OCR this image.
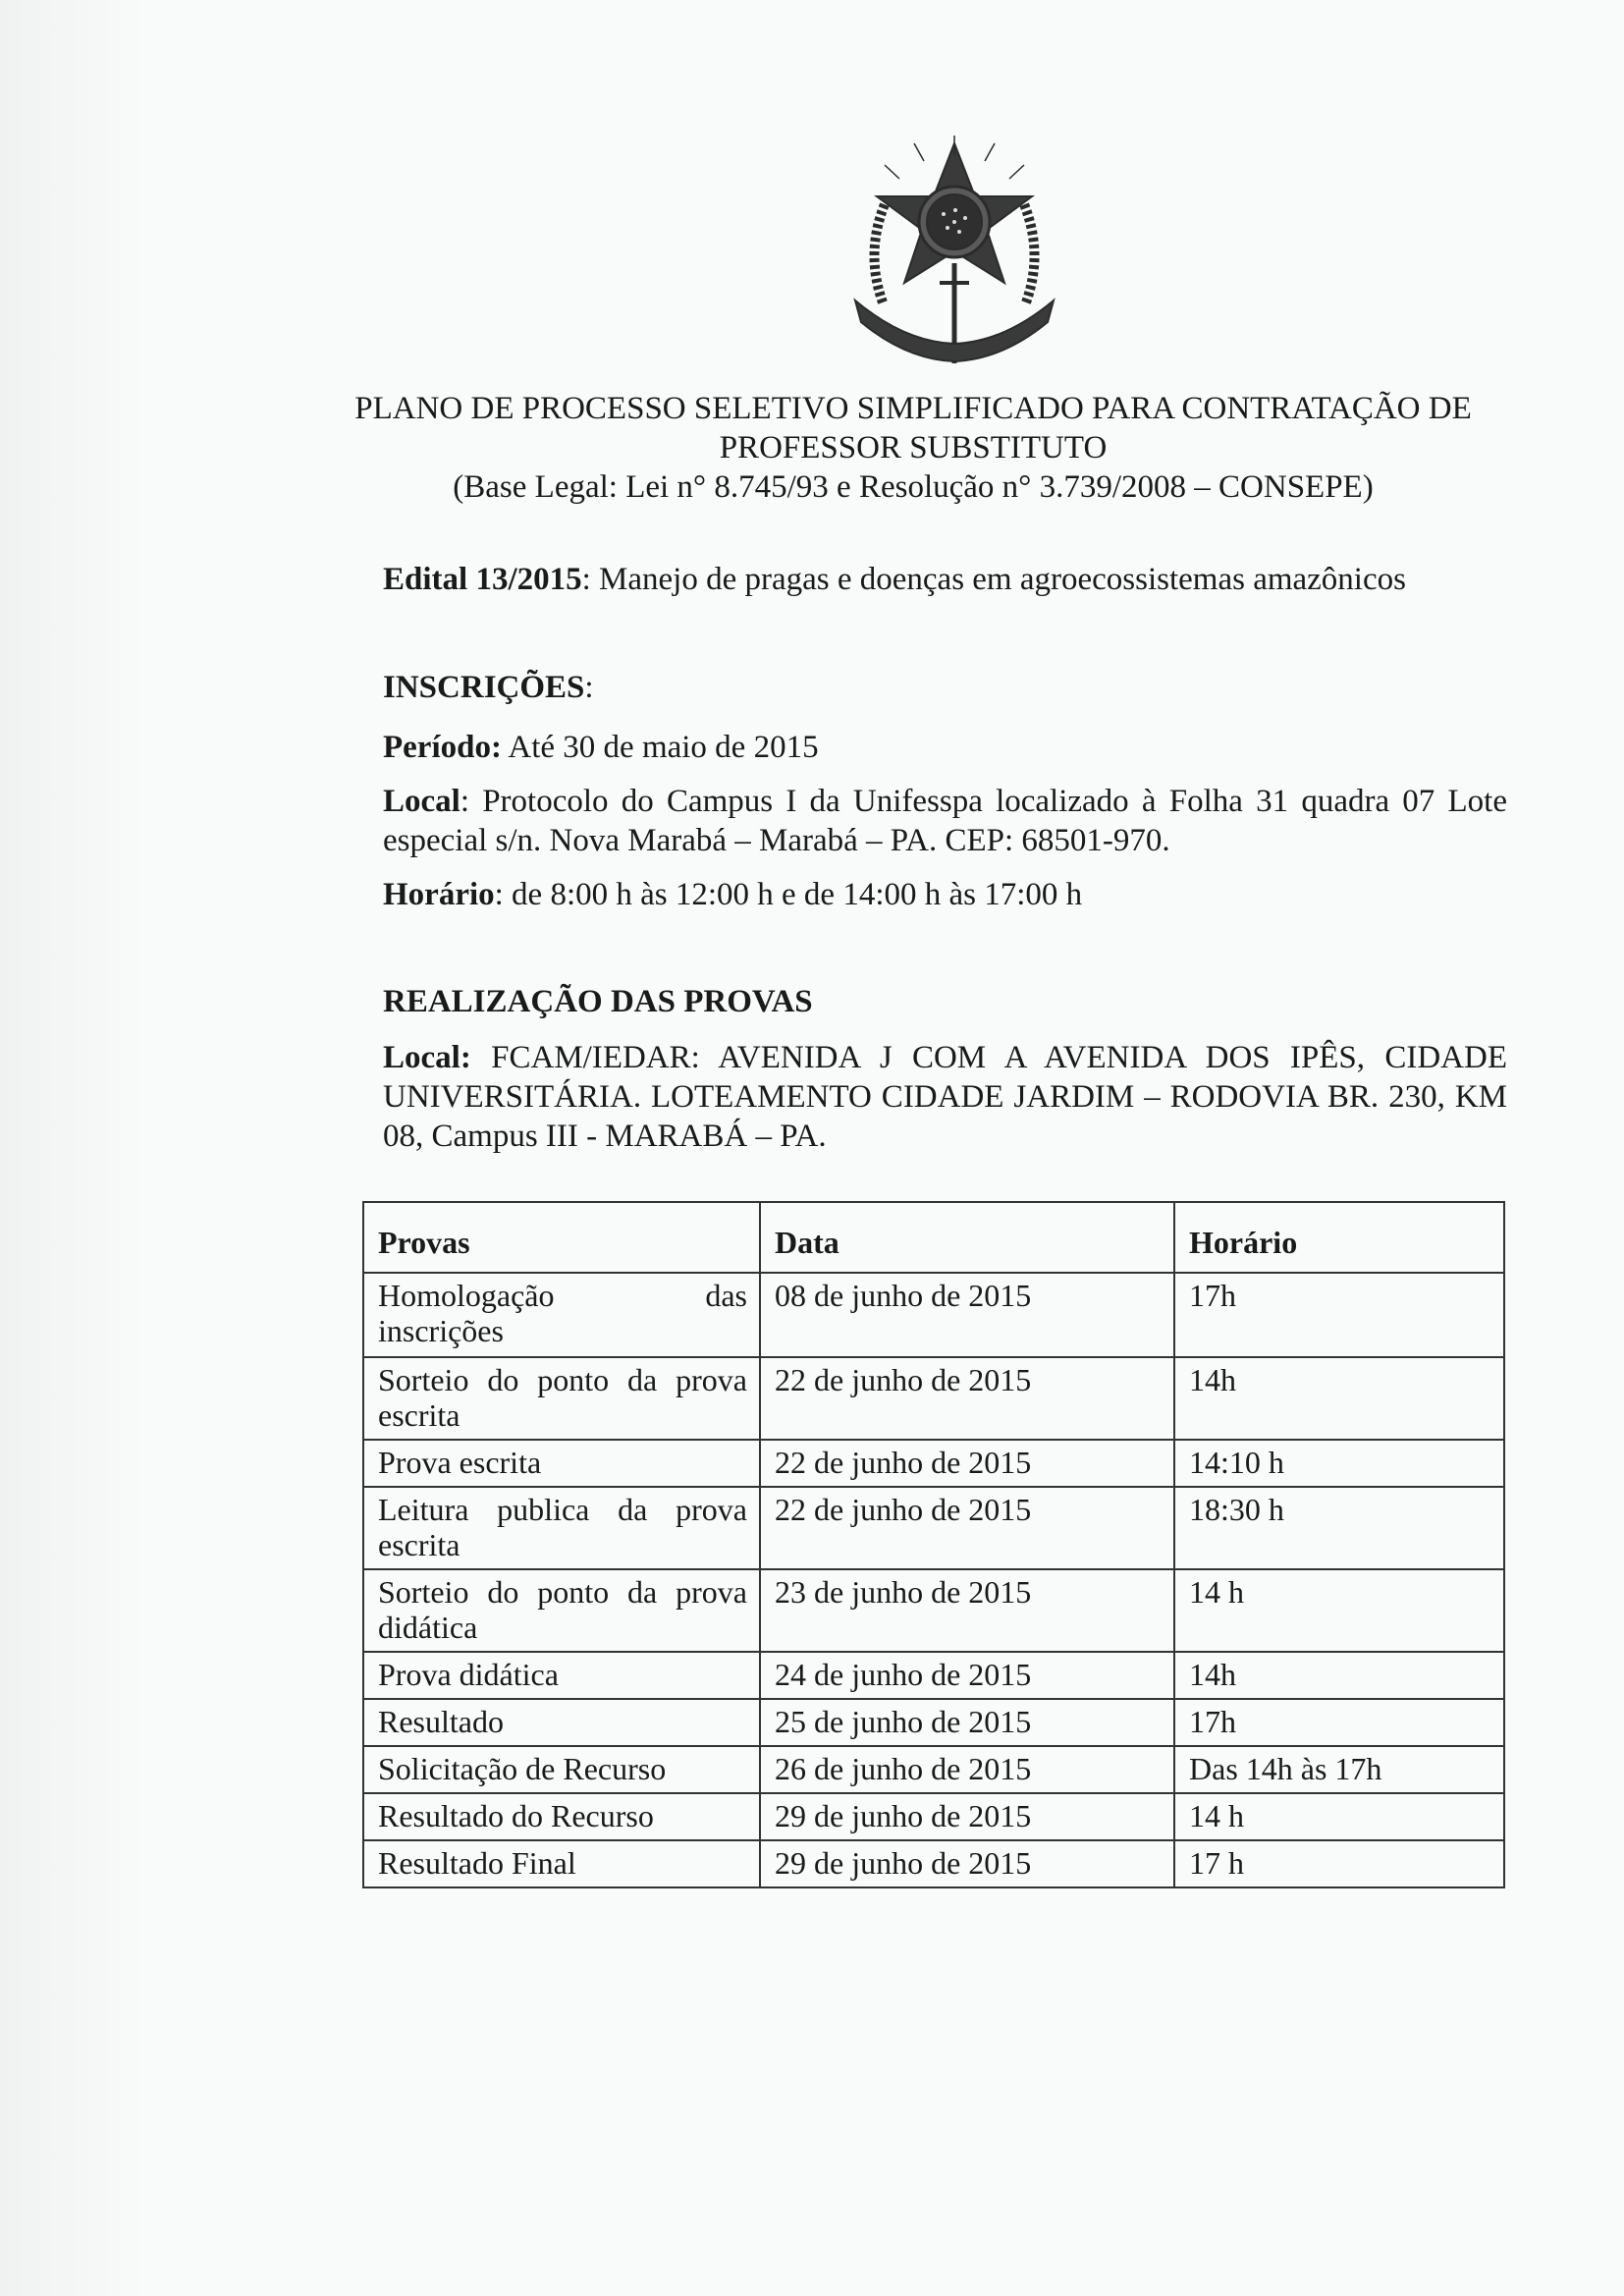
PLANO DE PROCESSO SELETIVO SIMPLIFICADO PARA CONTRATAÇÃO DE
PROFESSOR SUBSTITUTO
(Base Legal: Lei n° 8.745/93 e Resolução n° 3.739/2008 – CONSEPE)
Edital 13/2015: Manejo de pragas e doenças em agroecossistemas amazônicos
INSCRIÇÕES:
Período: Até 30 de maio de 2015
Local: Protocolo do Campus I da Unifesspa localizado à Folha 31 quadra 07 Lote
especial s/n. Nova Marabá – Marabá – PA. CEP: 68501-970.
Horário: de 8:00 h às 12:00 h e de 14:00 h às 17:00 h
REALIZAÇÃO DAS PROVAS
Local: FCAM/IEDAR: AVENIDA J COM A AVENIDA DOS IPÊS, CIDADE
UNIVERSITÁRIA. LOTEAMENTO CIDADE JARDIM – RODOVIA BR. 230, KM
08, Campus III - MARABÁ – PA.
Provas	Data	Horário

Homologação das
inscrições	08 de junho de 2015	17h

Sorteio do ponto da prova
escrita	22 de junho de 2015	14h
Prova escrita	22 de junho de 2015	14:10 h

Leitura publica da prova
escrita	22 de junho de 2015	18:30 h

Sorteio do ponto da prova
didática	23 de junho de 2015	14 h
Prova didática	24 de junho de 2015	14h
Resultado	25 de junho de 2015	17h
Solicitação de Recurso	26 de junho de 2015	Das 14h às 17h
Resultado do Recurso	29 de junho de 2015	14 h
Resultado Final	29 de junho de 2015	17 h
